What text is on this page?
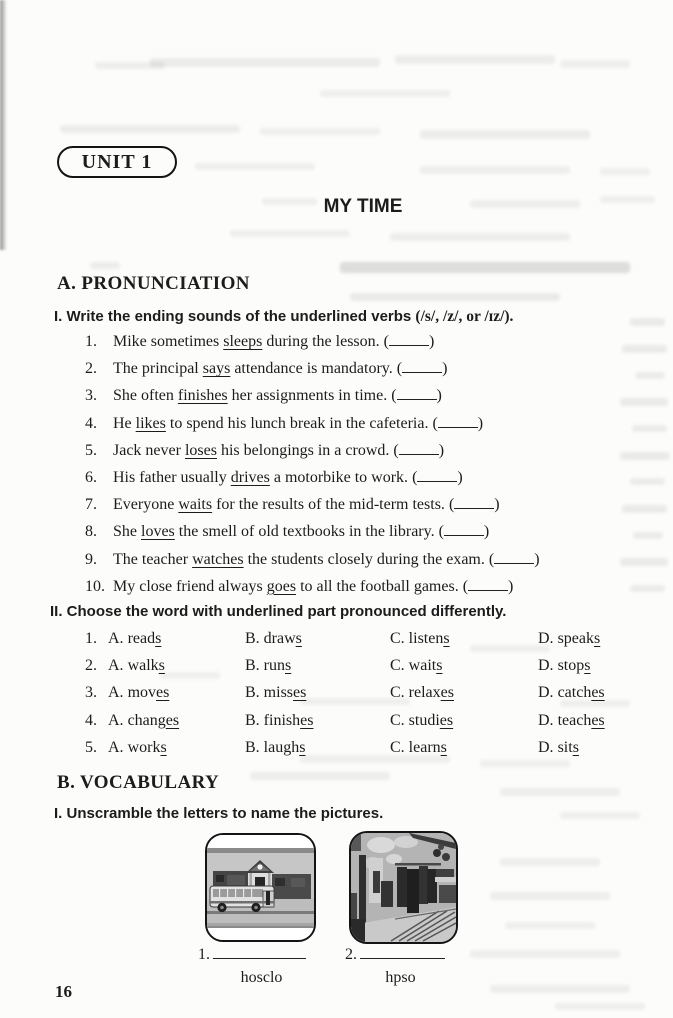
UNIT 1
MY TIME
A. PRONUNCIATION
I. Write the ending sounds of the underlined verbs (/s/, /z/, or /ɪz/).
1.	Mike sometimes sleeps during the lesson. (	)
2.	The principal says attendance is mandatory. (	)
3.	She often finishes her assignments in time. (	)
4.	He likes to spend his lunch break in the cafeteria. (	)
5.	Jack never loses his belongings in a crowd. (	)
6.	His father usually drives a motorbike to work. (	)
7.	Everyone waits for the results of the mid-term tests. (	)
8.	She loves the smell of old textbooks in the library. (	)
9.	The teacher watches the students closely during the exam. (	)
10. My close friend always goes to all the football games. (	)
II. Choose the word with underlined part pronounced differently.
1. A. reads	B. draws	C. listens	D. speaks
2. A. walks	B. runs	C. waits	D. stops
3. A. moves	B. misses	C. relaxes	D. catches
4. A. changes	B. finishes	C. studies	D. teaches
5. A. works	B. laughs	C. learns	D. sits
B. VOCABULARY
I. Unscramble the letters to name the pictures.
1.	2.
hosclo	hpso
16
